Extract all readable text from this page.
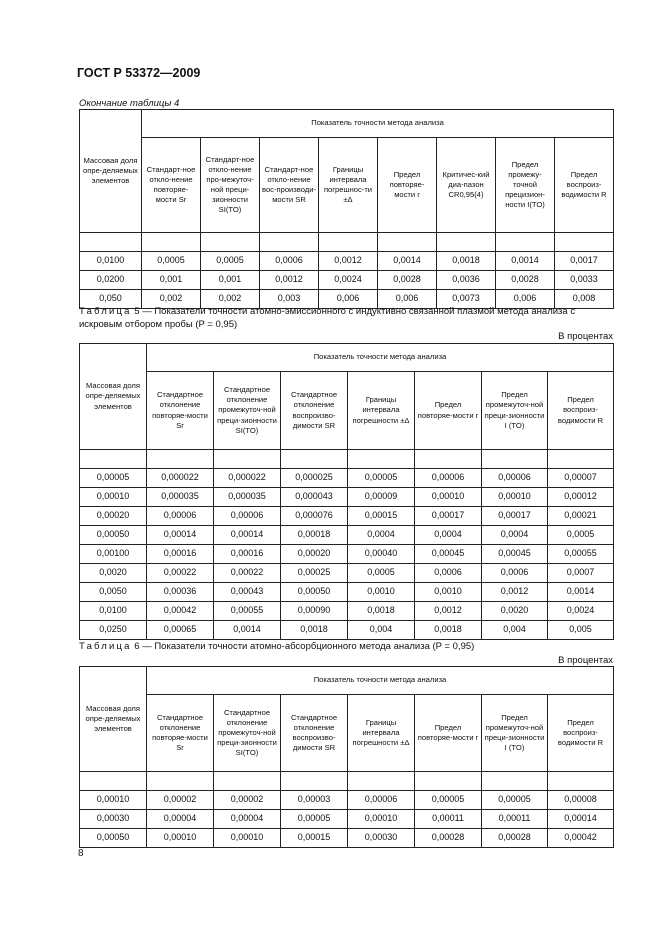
ГОСТ Р 53372—2009
Окончание таблицы 4
Массовая доля опре-деляемых элементов	Показатель точности метода анализа							
	Стандарт-ное откло-нение повторяе-мости Sr	Стандарт-ное откло-нение про-межуточ-ной преци-зионности SI(TO)	Стандарт-ное откло-нение вос-производи-мости SR	Границы интервала погрешнос-ти ±Δ	Предел повторяе-мости r	Критичес-кий диа-пазон CR0,95(4)	Предел промежу-точной прецизион-ности I(TO)	Предел воспроиз-водимости R

0,0100	0,0005	0,0005	0,0006	0,0012	0,0014	0,0018	0,0014	0,0017
0,0200	0,001	0,001	0,0012	0,0024	0,0028	0,0036	0,0028	0,0033
0,050	0,002	0,002	0,003	0,006	0,006	0,0073	0,006	0,008
Таблица 5 — Показатели точности атомно-эмиссионного с индуктивно связанной плазмой метода анализа с искровым отбором пробы (P = 0,95)
В процентах
Массовая доля опре-деляемых элементов	Показатель точности метода анализа						
	Стандартное отклонение повторяе-мости Sr	Стандартное отклонение промежуточ-ной преци-зионности SI(TO)	Стандартное отклонение воспроизво-димости SR	Границы интервала погрешности ±Δ	Предел повторяе-мости r	Предел промежуточ-ной преци-зионности I (TO)	Предел воспроиз-водимости R

0,00005	0,000022	0,000022	0,000025	0,00005	0,00006	0,00006	0,00007
0,00010	0,000035	0,000035	0,000043	0,00009	0,00010	0,00010	0,00012
0,00020	0,00006	0,00006	0,000076	0,00015	0,00017	0,00017	0,00021
0,00050	0,00014	0,00014	0,00018	0,0004	0,0004	0,0004	0,0005
0,00100	0,00016	0,00016	0,00020	0,00040	0,00045	0,00045	0,00055
0,0020	0,00022	0,00022	0,00025	0,0005	0,0006	0,0006	0,0007
0,0050	0,00036	0,00043	0,00050	0,0010	0,0010	0,0012	0,0014
0,0100	0,00042	0,00055	0,00090	0,0018	0,0012	0,0020	0,0024
0,0250	0,00065	0,0014	0,0018	0,004	0,0018	0,004	0,005
Таблица 6 — Показатели точности атомно-абсорбционного метода анализа (P = 0,95)
В процентах
Массовая доля опре-деляемых элементов	Показатель точности метода анализа						
	Стандартное отклонение повторяе-мости Sr	Стандартное отклонение промежуточ-ной преци-зионности SI(TO)	Стандартное отклонение воспроизво-димости SR	Границы интервала погрешности ±Δ	Предел повторяе-мости r	Предел промежуточ-ной преци-зионности I (TO)	Предел воспроиз-водимости R

0,00010	0,00002	0,00002	0,00003	0,00006	0,00005	0,00005	0,00008
0,00030	0,00004	0,00004	0,00005	0,00010	0,00011	0,00011	0,00014
0,00050	0,00010	0,00010	0,00015	0,00030	0,00028	0,00028	0,00042
8
